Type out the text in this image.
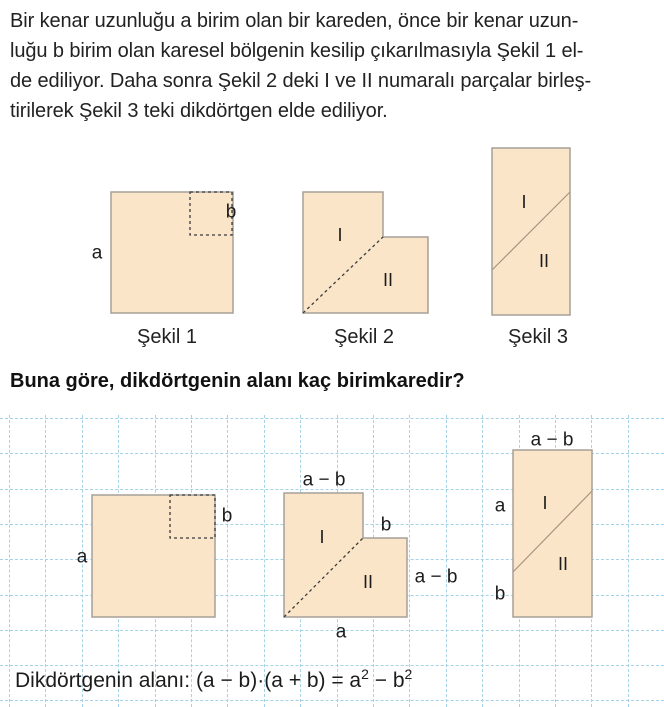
Bir kenar uzunluğu a birim olan bir kareden, önce bir kenar uzun-
luğu b birim olan karesel bölgenin kesilip çıkarılmasıyla Şekil 1 el-
de ediliyor. Daha sonra Şekil 2 deki I ve II numaralı parçalar birleş-
tirilerek Şekil 3 teki dikdörtgen elde ediliyor.
a
b
Şekil 1
I
II
Şekil 2
I
II
Şekil 3
Buna göre, dikdörtgenin alanı kaç birimkaredir?
a
b
a − b
b
I
II a − b
a
a − b
a
b
I
II
Dikdörtgenin alanı: $(a - b)\cdot(a + b) = a^2 - b^2$
